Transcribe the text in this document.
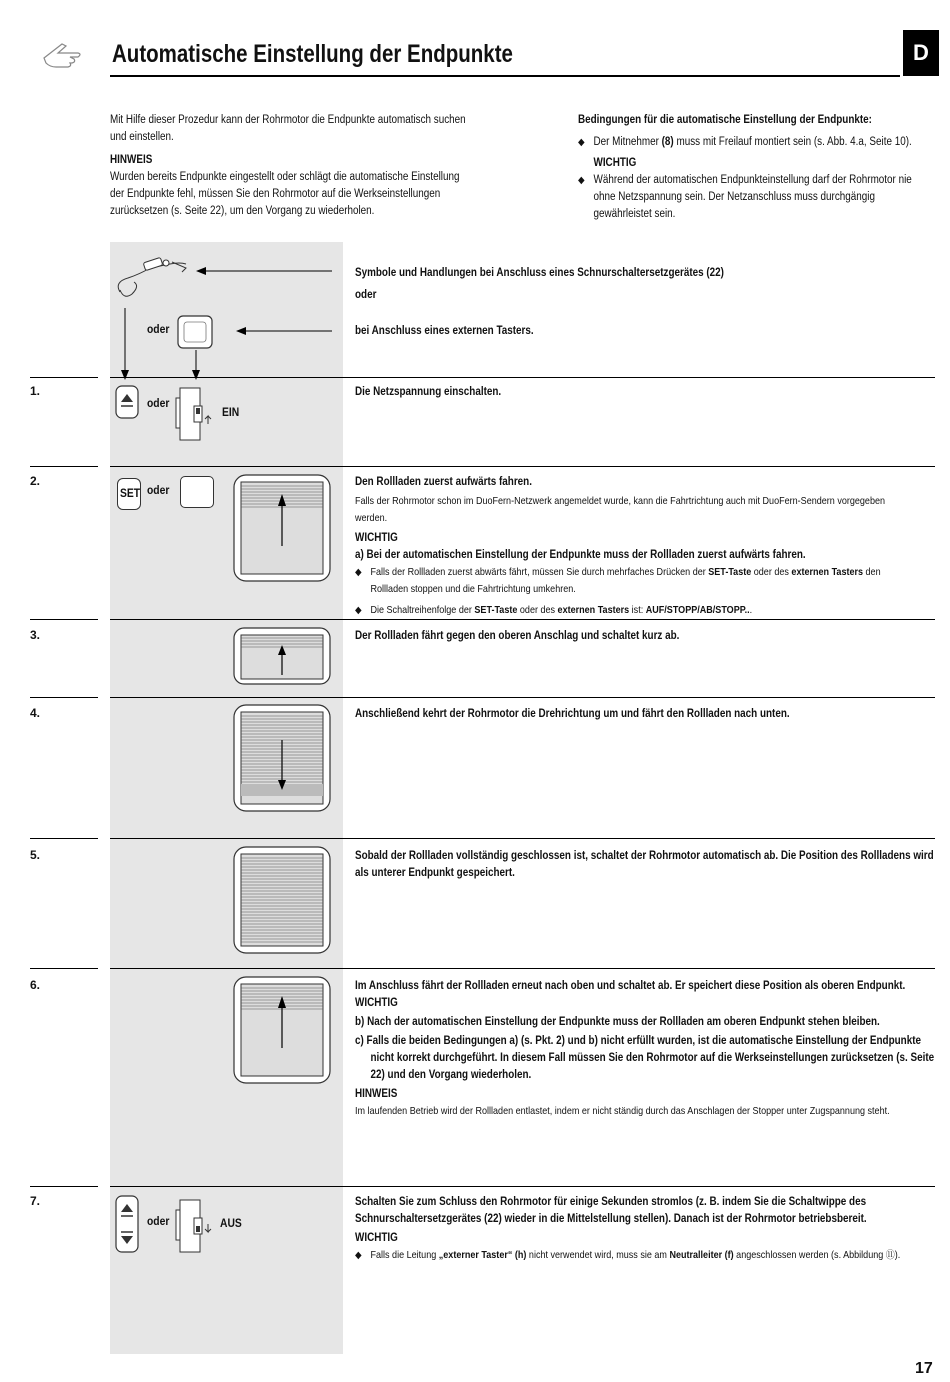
Automatische Einstellung der Endpunkte	D
Mit Hilfe dieser Prozedur kann der Rohrmotor die Endpunkte automatisch suchen und einstellen.
HINWEIS
Wurden bereits Endpunkte eingestellt oder schlägt die automatische Einstellung der Endpunkte fehl, müssen Sie den Rohrmotor auf die Werkseinstellungen zurücksetzen (s. Seite 22), um den Vorgang zu wiederholen.
Bedingungen für die automatische Einstellung der Endpunkte:
◆ Der Mitnehmer (8) muss mit Freilauf montiert sein (s. Abb. 4.a, Seite 10).
WICHTIG
◆ Während der automatischen Endpunkteinstellung darf der Rohrmotor nie ohne Netzspannung sein. Der Netzanschluss muss durchgängig gewährleistet sein.
oder
Symbole und Handlungen bei Anschluss eines Schnurschaltersetzgerätes (22)
oder
bei Anschluss eines externen Tasters.
1.
oder
EIN
Die Netzspannung einschalten.
2.
SET oder
Den Rollladen zuerst aufwärts fahren.
Falls der Rohrmotor schon im DuoFern-Netzwerk angemeldet wurde, kann die Fahrtrichtung auch mit DuoFern-Sendern vorgegeben werden.
WICHTIG
a) Bei der automatischen Einstellung der Endpunkte muss der Rollladen zuerst aufwärts fahren.
◆ Falls der Rollladen zuerst abwärts fährt, müssen Sie durch mehrfaches Drücken der SET-Taste oder des externen Tasters den Rollladen stoppen und die Fahrtrichtung umkehren.
◆ Die Schaltreihenfolge der SET-Taste oder des externen Tasters ist: AUF/STOPP/AB/STOPP...
3.	Der Rollladen fährt gegen den oberen Anschlag und schaltet kurz ab.
4.	Anschließend kehrt der Rohrmotor die Drehrichtung um und fährt den Rollladen nach unten.
5.	Sobald der Rollladen vollständig geschlossen ist, schaltet der Rohrmotor automatisch ab. Die Position des Rollladens wird als unterer Endpunkt gespeichert.
6.	Im Anschluss fährt der Rollladen erneut nach oben und schaltet ab. Er speichert diese Position als oberen Endpunkt.
WICHTIG
b) Nach der automatischen Einstellung der Endpunkte muss der Rollladen am oberen Endpunkt stehen bleiben.
c) Falls die beiden Bedingungen a) (s. Pkt. 2) und b) nicht erfüllt wurden, ist die automatische Einstellung der Endpunkte nicht korrekt durchgeführt. In diesem Fall müssen Sie den Rohrmotor auf die Werkseinstellungen zurücksetzen (s. Seite 22) und den Vorgang wiederholen.
HINWEIS
Im laufenden Betrieb wird der Rollladen entlastet, indem er nicht ständig durch das Anschlagen der Stopper unter Zugspannung steht.
7.
oder	AUS
Schalten Sie zum Schluss den Rohrmotor für einige Sekunden stromlos (z. B. indem Sie die Schaltwippe des Schnurschaltersetzgerätes (22) wieder in die Mittelstellung stellen). Danach ist der Rohrmotor betriebsbereit.
WICHTIG
◆ Falls die Leitung „externer Taster“ (h) nicht verwendet wird, muss sie am Neutralleiter (f) angeschlossen werden (s. Abbildung ⑪).
17
